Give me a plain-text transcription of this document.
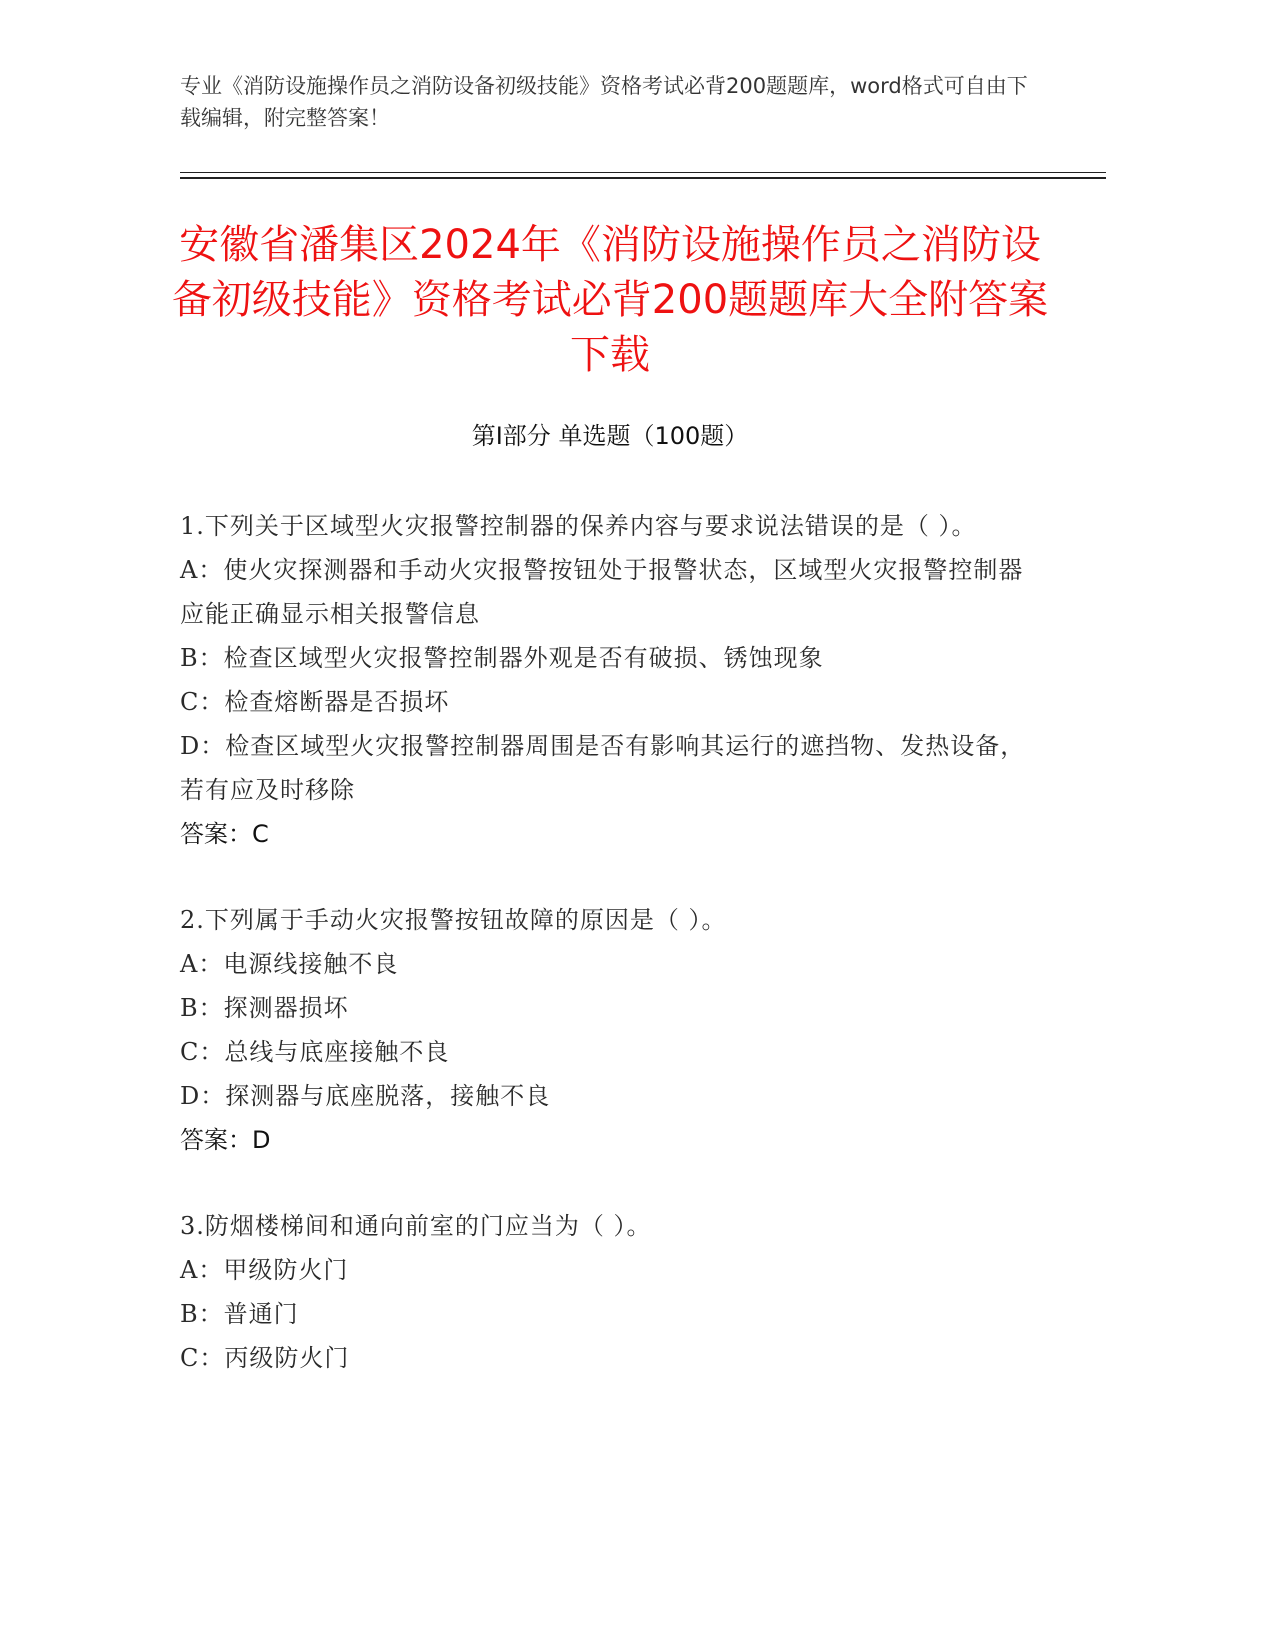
专业《消防设施操作员之消防设备初级技能》资格考试必背200题题库，word格式可自由下载编辑，附完整答案！
安徽省潘集区2024年《消防设施操作员之消防设备初级技能》资格考试必背200题题库大全附答案下载
第Ⅰ部分 单选题（100题）
1.下列关于区域型火灾报警控制器的保养内容与要求说法错误的是（ ）。
A：使火灾探测器和手动火灾报警按钮处于报警状态，区域型火灾报警控制器应能正确显示相关报警信息
B：检查区域型火灾报警控制器外观是否有破损、锈蚀现象
C：检查熔断器是否损坏
D：检查区域型火灾报警控制器周围是否有影响其运行的遮挡物、发热设备，若有应及时移除
答案：C
2.下列属于手动火灾报警按钮故障的原因是（ ）。
A：电源线接触不良
B：探测器损坏
C：总线与底座接触不良
D：探测器与底座脱落，接触不良
答案：D
3.防烟楼梯间和通向前室的门应当为（ ）。
A：甲级防火门
B：普通门
C：丙级防火门
